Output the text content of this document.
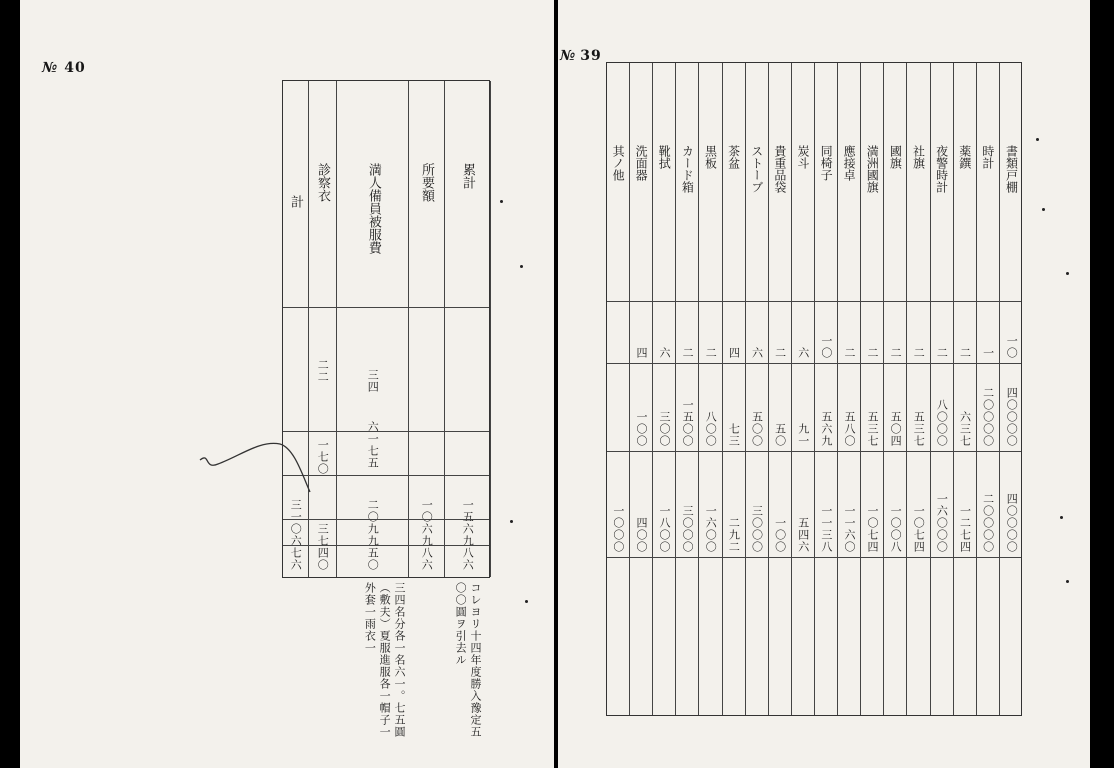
№ 40
計
三一〇六七六
診察衣
二二
一七〇
三七四〇
満人備員被服費
三四
六一七五
二〇九九五〇
所要額
一〇六九八六
累計
一五六九八六
コレヨリ十四年度勝入豫定五〇〇圓ヲ引去ル
三四名分各一名六一。七五圓（敷夫）夏服進服各一帽子一外套一雨衣一
№ 39
書類戸棚
一〇
四〇〇〇〇
四〇〇〇〇
時計
一
二〇〇〇〇
二〇〇〇〇
薬鐉
二
六三七
一二七四
夜警時計
二
八〇〇〇
一六〇〇〇
社旗
二
五三七
一〇七四
國旗
二
五〇四
一〇〇八
満洲國旗
二
五三七
一〇七四
應接卓
二
五八〇
一一六〇
同椅子
一〇
五六九
一一三八
炭斗
六
九一
五四六
貴重品袋
二
五〇
一〇〇
ストーブ
六
五〇〇
三〇〇〇
茶盆
四
七三
二九二
黒板
二
八〇〇
一六〇〇
カード箱
二
一五〇〇
三〇〇〇
靴拭
六
三〇〇
一八〇〇
洗面器
四
一〇〇
四〇〇
其ノ他
一〇〇〇
